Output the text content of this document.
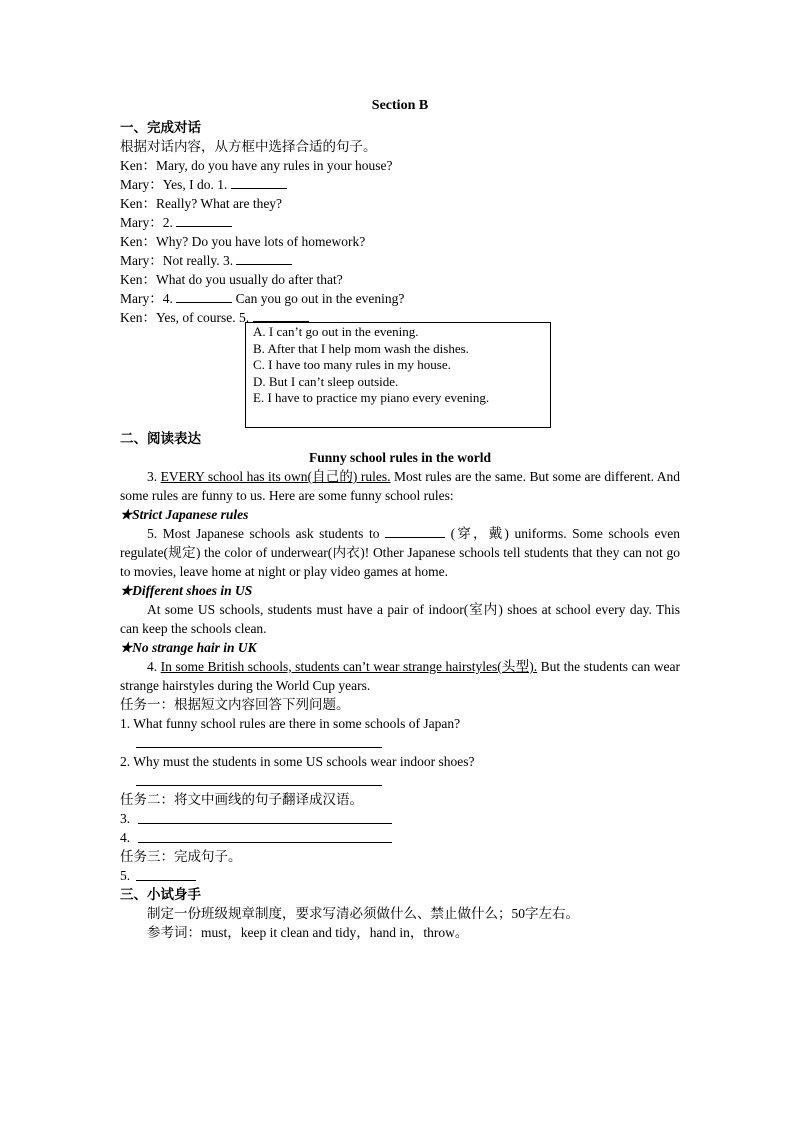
Section B
一、完成对话
根据对话内容，从方框中选择合适的句子。
Ken：Mary, do you have any rules in your house?
Mary：Yes, I do. 1.
Ken：Really? What are they?
Mary：2.
Ken：Why? Do you have lots of homework?
Mary：Not really. 3.
Ken：What do you usually do after that?
Mary：4.	Can you go out in the evening?
Ken：Yes, of course. 5.
A. I can’t go out in the evening.
B. After that I help mom wash the dishes.
C. I have too many rules in my house.
D. But I can’t sleep outside.
E. I have to practice my piano every evening.
二、阅读表达
Funny school rules in the world
3. EVERY school has its own(自己的) rules. Most rules are the same. But some are different. And some rules are funny to us. Here are some funny school rules:
★Strict Japanese rules
5. Most Japanese schools ask students to	(穿，戴) uniforms. Some schools even regulate(规定) the color of underwear(内衣)! Other Japanese schools tell students that they can not go to movies, leave home at night or play video games at home.
★Different shoes in US
At some US schools, students must have a pair of indoor(室内) shoes at school every day. This can keep the schools clean.
★No strange hair in UK
4. In some British schools, students can’t wear strange hairstyles(头型). But the students can wear strange hairstyles during the World Cup years.
任务一：根据短文内容回答下列问题。
1. What funny school rules are there in some schools of Japan?
2. Why must the students in some US schools wear indoor shoes?
任务二：将文中画线的句子翻译成汉语。
3.
4.
任务三：完成句子。
5.
三、小试身手
制定一份班级规章制度，要求写清必须做什么、禁止做什么；50字左右。
参考词：must，keep it clean and tidy，hand in，throw。
